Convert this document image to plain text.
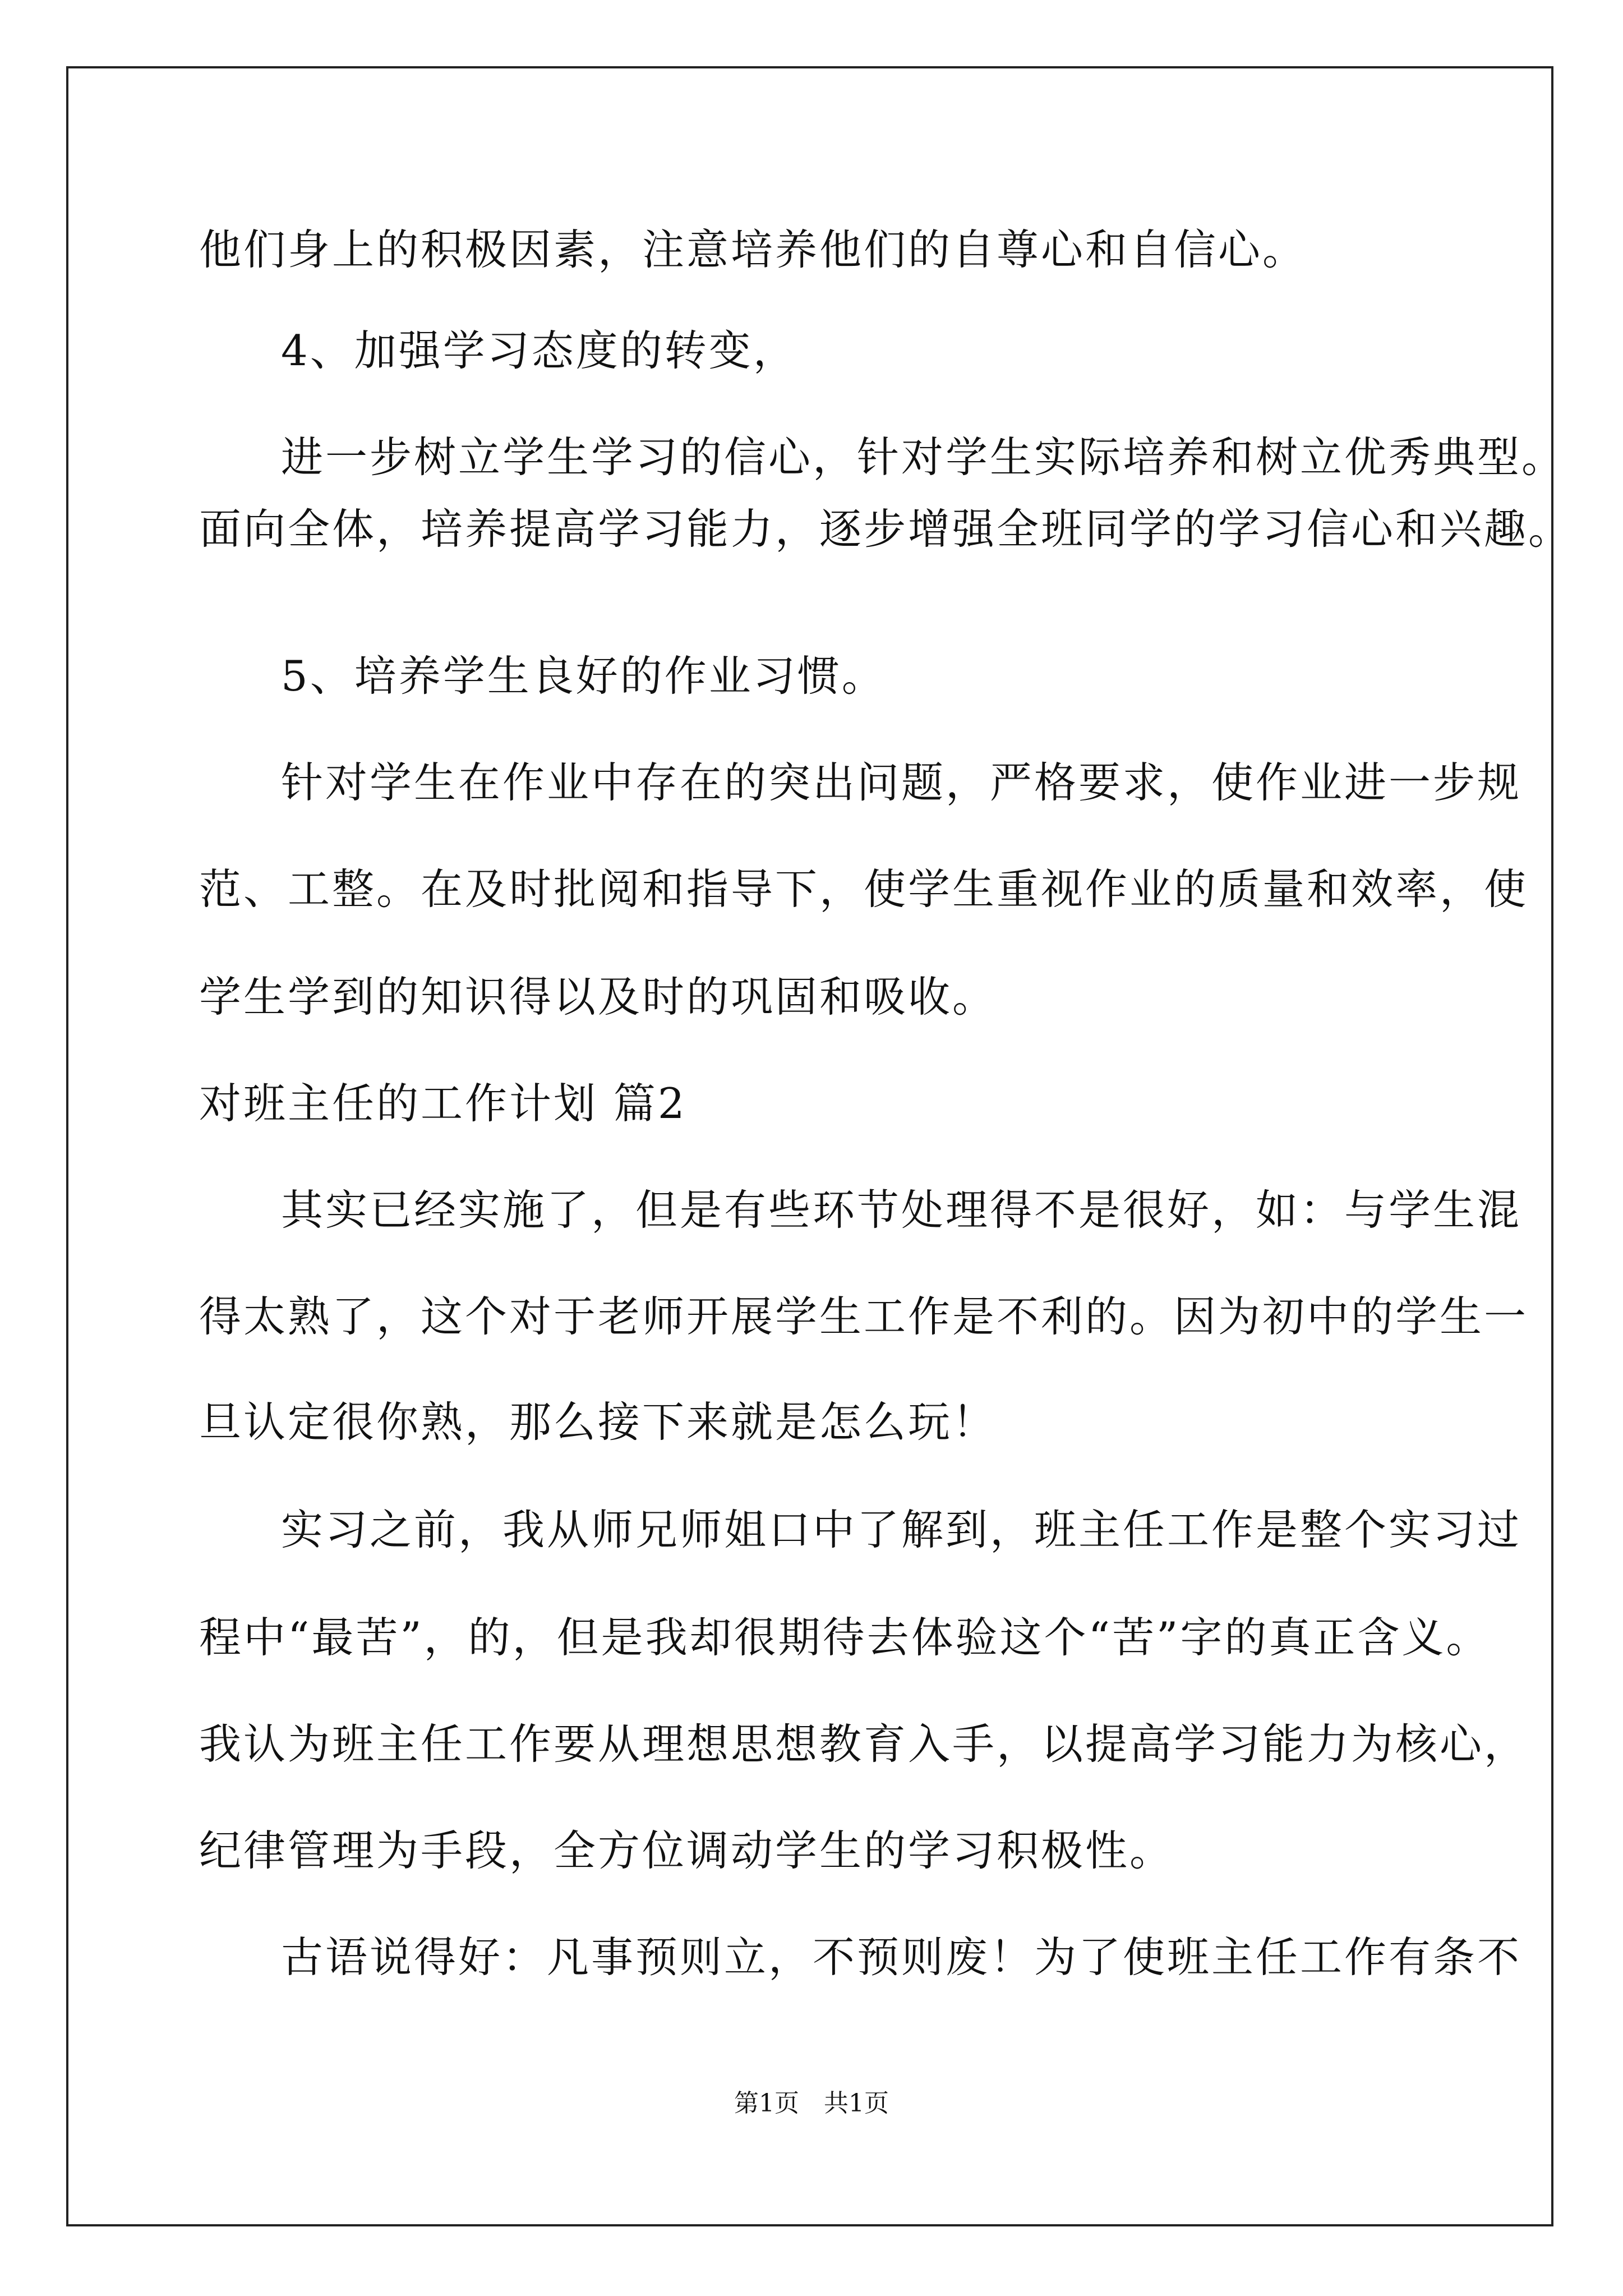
他们身上的积极因素，注意培养他们的自尊心和自信心。
4、加强学习态度的转变，
进一步树立学生学习的信心，针对学生实际培养和树立优秀典型。
面向全体，培养提高学习能力，逐步增强全班同学的学习信心和兴趣。
5、培养学生良好的作业习惯。
针对学生在作业中存在的突出问题，严格要求，使作业进一步规
范、工整。在及时批阅和指导下，使学生重视作业的质量和效率，使
学生学到的知识得以及时的巩固和吸收。
对班主任的工作计划 篇2
其实已经实施了，但是有些环节处理得不是很好，如：与学生混
得太熟了，这个对于老师开展学生工作是不利的。因为初中的学生一
旦认定很你熟，那么接下来就是怎么玩！
实习之前，我从师兄师姐口中了解到，班主任工作是整个实习过
程中“最苦”，的，但是我却很期待去体验这个“苦”字的真正含义。
我认为班主任工作要从理想思想教育入手，以提高学习能力为核心，
纪律管理为手段，全方位调动学生的学习积极性。
古语说得好：凡事预则立，不预则废！为了使班主任工作有条不
第1页　共1页
